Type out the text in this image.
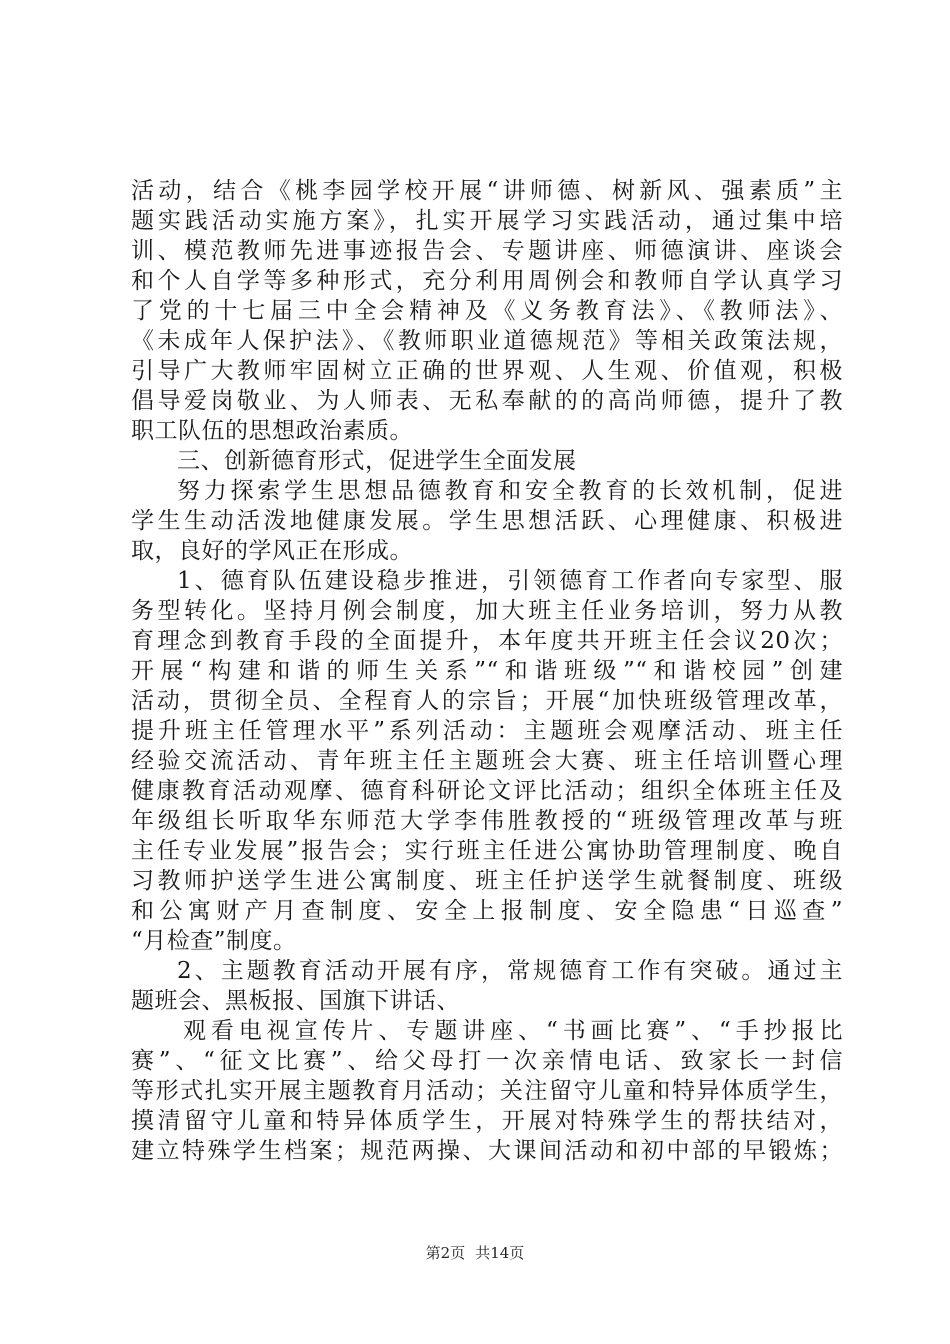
活动，结合《桃李园学校开展“讲师德、树新风、强素质”主
题实践活动实施方案》，扎实开展学习实践活动，通过集中培
训、模范教师先进事迹报告会、专题讲座、师德演讲、座谈会
和个人自学等多种形式，充分利用周例会和教师自学认真学习
了党的十七届三中全会精神及《义务教育法》、《教师法》、
《未成年人保护法》、《教师职业道德规范》等相关政策法规，
引导广大教师牢固树立正确的世界观、人生观、价值观，积极
倡导爱岗敬业、为人师表、无私奉献的的高尚师德，提升了教
职工队伍的思想政治素质。
三、创新德育形式，促进学生全面发展
努力探索学生思想品德教育和安全教育的长效机制，促进
学生生动活泼地健康发展。学生思想活跃、心理健康、积极进
取，良好的学风正在形成。
1、德育队伍建设稳步推进，引领德育工作者向专家型、服
务型转化。坚持月例会制度，加大班主任业务培训，努力从教
育理念到教育手段的全面提升，本年度共开班主任会议20次；
开展“构建和谐的师生关系”“和谐班级”“和谐校园”创建
活动，贯彻全员、全程育人的宗旨；开展“加快班级管理改革，
提升班主任管理水平”系列活动：主题班会观摩活动、班主任
经验交流活动、青年班主任主题班会大赛、班主任培训暨心理
健康教育活动观摩、德育科研论文评比活动；组织全体班主任及
年级组长听取华东师范大学李伟胜教授的“班级管理改革与班
主任专业发展”报告会；实行班主任进公寓协助管理制度、晚自
习教师护送学生进公寓制度、班主任护送学生就餐制度、班级
和公寓财产月查制度、安全上报制度、安全隐患“日巡查”
“月检查”制度。
2、主题教育活动开展有序，常规德育工作有突破。通过主
题班会、黑板报、国旗下讲话、
观看电视宣传片、专题讲座、“书画比赛”、“手抄报比
赛”、“征文比赛”、给父母打一次亲情电话、致家长一封信
等形式扎实开展主题教育月活动；关注留守儿童和特异体质学生，
摸清留守儿童和特异体质学生，开展对特殊学生的帮扶结对，
建立特殊学生档案；规范两操、大课间活动和初中部的早锻炼；
第2页 共14页
